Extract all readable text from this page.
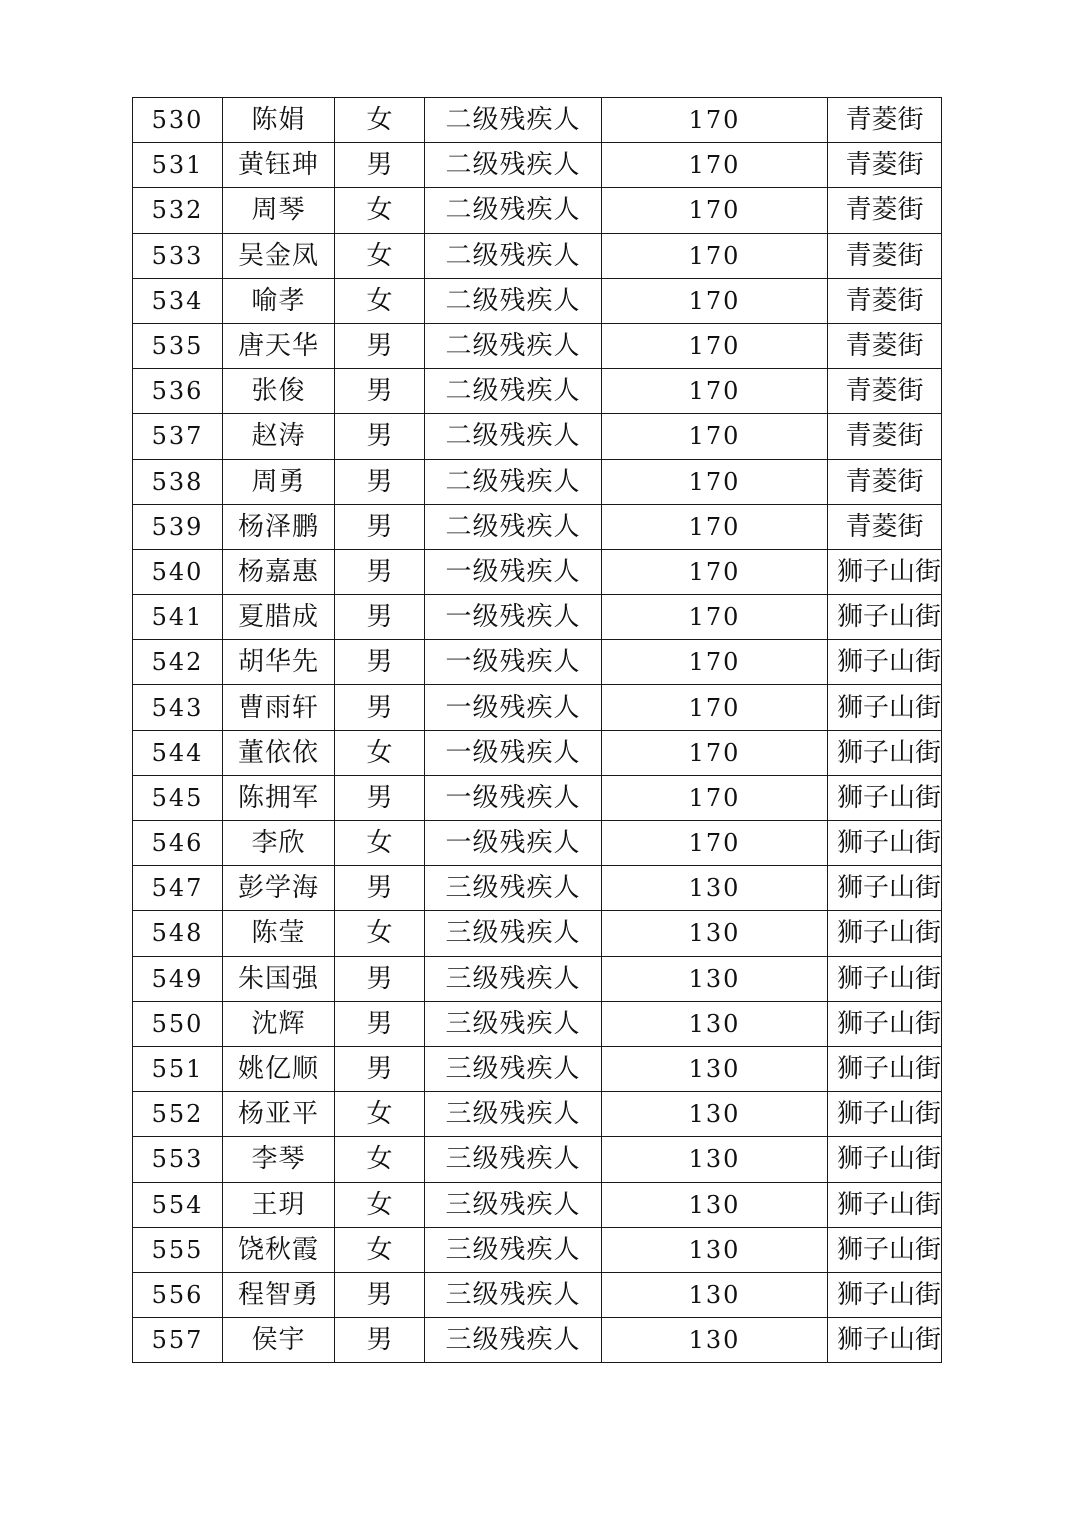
530	陈娟	女	二级残疾人	170	青菱街
531	黄钰珅	男	二级残疾人	170	青菱街
532	周琴	女	二级残疾人	170	青菱街
533	吴金凤	女	二级残疾人	170	青菱街
534	喻孝	女	二级残疾人	170	青菱街
535	唐天华	男	二级残疾人	170	青菱街
536	张俊	男	二级残疾人	170	青菱街
537	赵涛	男	二级残疾人	170	青菱街
538	周勇	男	二级残疾人	170	青菱街
539	杨泽鹏	男	二级残疾人	170	青菱街
540	杨嘉惠	男	一级残疾人	170	狮子山街
541	夏腊成	男	一级残疾人	170	狮子山街
542	胡华先	男	一级残疾人	170	狮子山街
543	曹雨轩	男	一级残疾人	170	狮子山街
544	董依依	女	一级残疾人	170	狮子山街
545	陈拥军	男	一级残疾人	170	狮子山街
546	李欣	女	一级残疾人	170	狮子山街
547	彭学海	男	三级残疾人	130	狮子山街
548	陈莹	女	三级残疾人	130	狮子山街
549	朱国强	男	三级残疾人	130	狮子山街
550	沈辉	男	三级残疾人	130	狮子山街
551	姚亿顺	男	三级残疾人	130	狮子山街
552	杨亚平	女	三级残疾人	130	狮子山街
553	李琴	女	三级残疾人	130	狮子山街
554	王玥	女	三级残疾人	130	狮子山街
555	饶秋霞	女	三级残疾人	130	狮子山街
556	程智勇	男	三级残疾人	130	狮子山街
557	侯宇	男	三级残疾人	130	狮子山街
